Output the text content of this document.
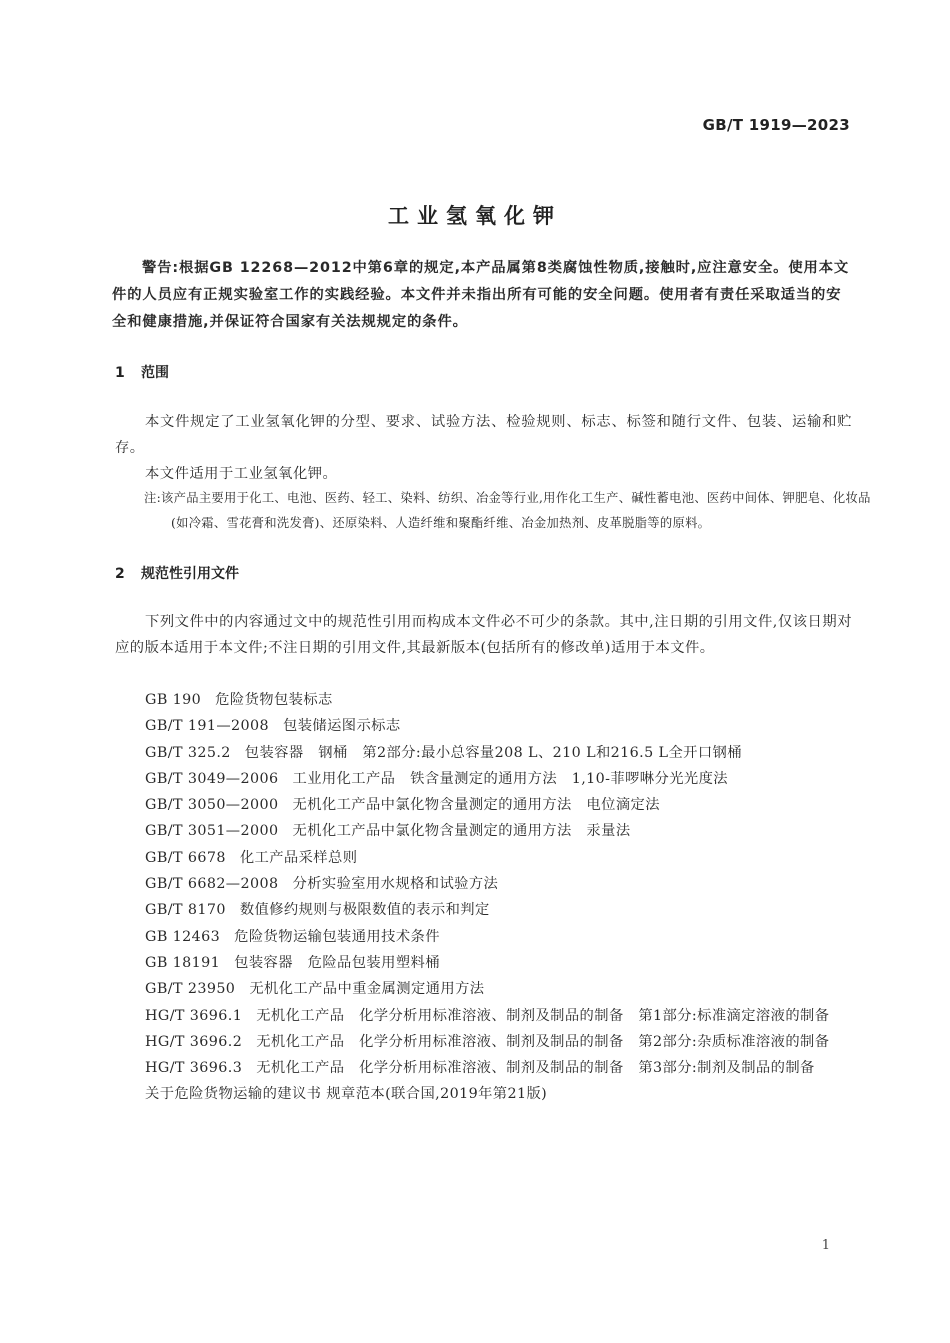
GB/T 1919—2023
工业氢氧化钾

警告:根据GB 12268—2012中第6章的规定,本产品属第8类腐蚀性物质,接触时,应注意安全。使用本文件的人员应有正规实验室工作的实践经验。本文件并未指出所有可能的安全问题。使用者有责任采取适当的安全和健康措施,并保证符合国家有关法规规定的条件。

1 范围

本文件规定了工业氢氧化钾的分型、要求、试验方法、检验规则、标志、标签和随行文件、包装、运输和贮存。

本文件适用于工业氢氧化钾。

注:该产品主要用于化工、电池、医药、轻工、染料、纺织、冶金等行业,用作化工生产、碱性蓄电池、医药中间体、钾肥皂、化妆品(如冷霜、雪花膏和洗发膏)、还原染料、人造纤维和聚酯纤维、冶金加热剂、皮革脱脂等的原料。

2 规范性引用文件

下列文件中的内容通过文中的规范性引用而构成本文件必不可少的条款。其中,注日期的引用文件,仅该日期对应的版本适用于本文件;不注日期的引用文件,其最新版本(包括所有的修改单)适用于本文件。

GB 190 危险货物包装标志

GB/T 191—2008 包装储运图示标志

GB/T 325.2 包装容器　钢桶　第2部分:最小总容量208 L、210 L和216.5 L全开口钢桶

GB/T 3049—2006 工业用化工产品　铁含量测定的通用方法　1,10-菲啰啉分光光度法

GB/T 3050—2000 无机化工产品中氯化物含量测定的通用方法　电位滴定法

GB/T 3051—2000 无机化工产品中氯化物含量测定的通用方法　汞量法

GB/T 6678 化工产品采样总则

GB/T 6682—2008 分析实验室用水规格和试验方法

GB/T 8170 数值修约规则与极限数值的表示和判定

GB 12463 危险货物运输包装通用技术条件

GB 18191 包装容器　危险品包装用塑料桶

GB/T 23950 无机化工产品中重金属测定通用方法

HG/T 3696.1 无机化工产品　化学分析用标准溶液、制剂及制品的制备　第1部分:标准滴定溶液的制备

HG/T 3696.2 无机化工产品　化学分析用标准溶液、制剂及制品的制备　第2部分:杂质标准溶液的制备

HG/T 3696.3 无机化工产品　化学分析用标准溶液、制剂及制品的制备　第3部分:制剂及制品的制备

关于危险货物运输的建议书 规章范本(联合国,2019年第21版)

1
